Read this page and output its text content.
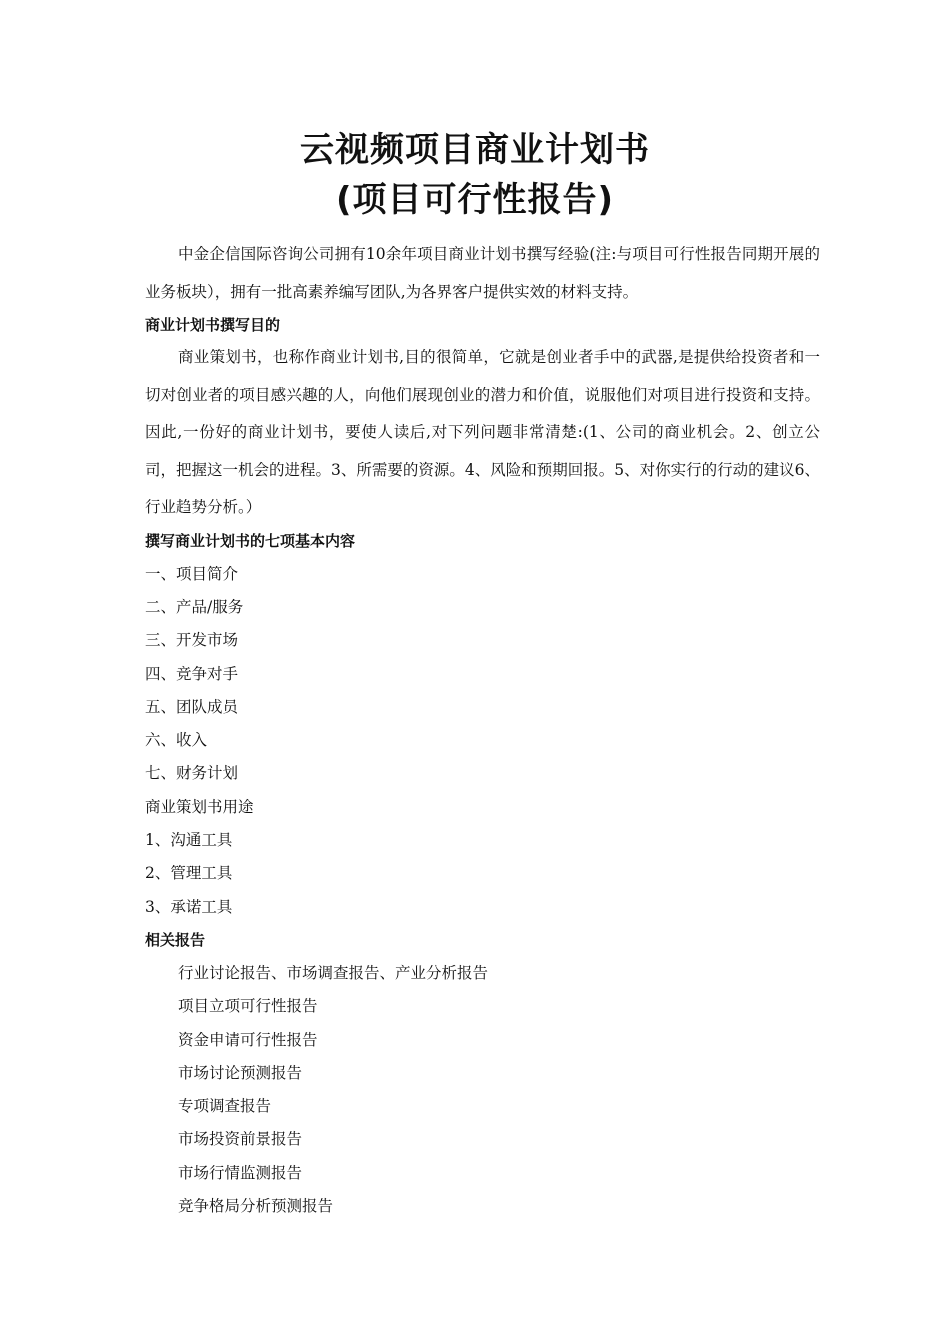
云视频项目商业计划书
(项目可行性报告)

中金企信国际咨询公司拥有10余年项目商业计划书撰写经验(注:与项目可行性报告同期开展的业务板块），拥有一批高素养编写团队,为各界客户提供实效的材料支持。

商业计划书撰写目的

商业策划书，也称作商业计划书,目的很简单，它就是创业者手中的武器,是提供给投资者和一切对创业者的项目感兴趣的人，向他们展现创业的潜力和价值，说服他们对项目进行投资和支持。因此,一份好的商业计划书，要使人读后,对下列问题非常清楚:(1、公司的商业机会。2、创立公司，把握这一机会的进程。3、所需要的资源。4、风险和预期回报。5、对你实行的行动的建议6、行业趋势分析。）

撰写商业计划书的七项基本内容
一、项目简介
二、产品/服务
三、开发市场
四、竞争对手
五、团队成员
六、收入
七、财务计划
商业策划书用途
1、沟通工具
2、管理工具
3、承诺工具
相关报告
行业讨论报告、市场调查报告、产业分析报告
项目立项可行性报告
资金申请可行性报告
市场讨论预测报告
专项调查报告
市场投资前景报告
市场行情监测报告
竞争格局分析预测报告
